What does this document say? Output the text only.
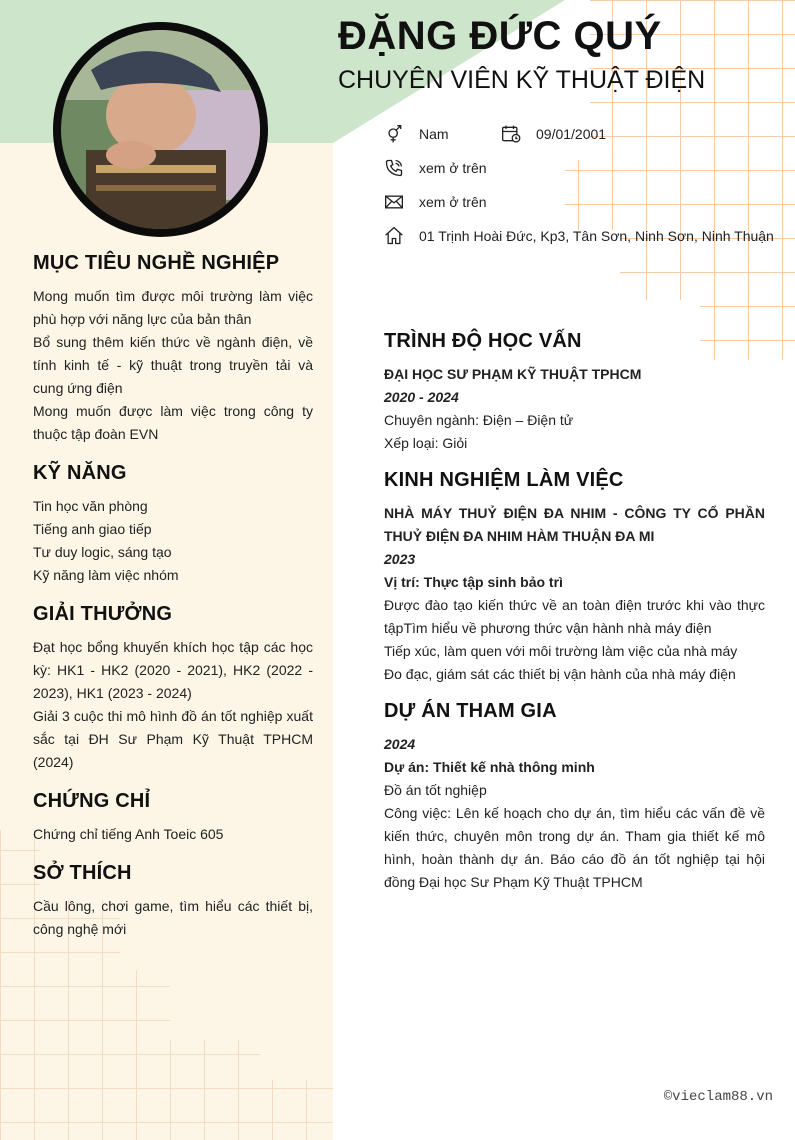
ĐẶNG ĐỨC QUÝ
CHUYÊN VIÊN KỸ THUẬT ĐIỆN
Nam	09/01/2001
xem ở trên
xem ở trên
01 Trịnh Hoài Đức, Kp3, Tân Sơn, Ninh Sơn, Ninh Thuận
MỤC TIÊU NGHỀ NGHIỆP

Mong muốn tìm được môi trường làm việc phù hợp với năng lực của bản thân

Bổ sung thêm kiến thức về ngành điện, về tính kinh tế - kỹ thuật trong truyền tải và cung ứng điện

Mong muốn được làm việc trong công ty thuộc tập đoàn EVN

KỸ NĂNG

Tin học văn phòng

Tiếng anh giao tiếp

Tư duy logic, sáng tạo

Kỹ năng làm việc nhóm

GIẢI THƯỞNG

Đạt học bổng khuyến khích học tập các học kỳ: HK1 - HK2 (2020 - 2021), HK2 (2022 - 2023), HK1 (2023 - 2024)

Giải 3 cuộc thi mô hình đồ án tốt nghiệp xuất sắc tại ĐH Sư Phạm Kỹ Thuật TPHCM (2024)

CHỨNG CHỈ

Chứng chỉ tiếng Anh Toeic 605

SỞ THÍCH

Cầu lông, chơi game, tìm hiểu các thiết bị, công nghệ mới

TRÌNH ĐỘ HỌC VẤN

ĐẠI HỌC SƯ PHẠM KỸ THUẬT TPHCM

2020 - 2024

Chuyên ngành: Điện – Điện tử

Xếp loại: Giỏi

KINH NGHIỆM LÀM VIỆC

NHÀ MÁY THUỶ ĐIỆN ĐA NHIM - CÔNG TY CỔ PHẦN THUỶ ĐIỆN ĐA NHIM HÀM THUẬN ĐA MI

2023

Vị trí: Thực tập sinh bảo trì

Được đào tạo kiến thức về an toàn điện trước khi vào thực tậpTìm hiểu về phương thức vận hành nhà máy điện

Tiếp xúc, làm quen với môi trường làm việc của nhà máy

Đo đạc, giám sát các thiết bị vận hành của nhà máy điện

DỰ ÁN THAM GIA

2024

Dự án: Thiết kế nhà thông minh

Đồ án tốt nghiệp

Công việc: Lên kế hoạch cho dự án, tìm hiểu các vấn đề về kiến thức, chuyên môn trong dự án. Tham gia thiết kế mô hình, hoàn thành dự án. Báo cáo đồ án tốt nghiệp tại hội đồng Đại học Sư Phạm Kỹ Thuật TPHCM

©vieclam88.vn
